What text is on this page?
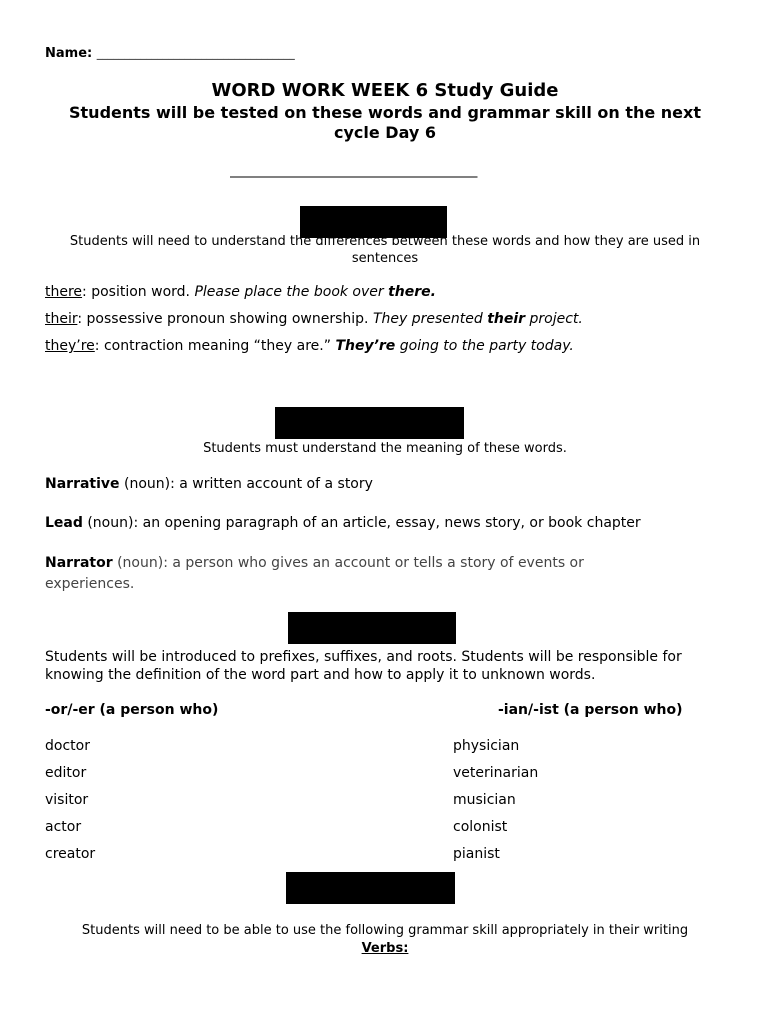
Name: ____________________________________
WORD WORK WEEK 6 Study Guide
Students will be tested on these words and grammar skill on the next cycle Day 6
_____________________________________________
Students will need to understand the differences between these words and how they are used in sentences
there: position word. Please place the book over there.
their: possessive pronoun showing ownership. They presented their project.
they’re: contraction meaning “they are.” They’re going to the party today.
Students must understand the meaning of these words.
Narrative (noun): a written account of a story
Lead (noun): an opening paragraph of an article, essay, news story, or book chapter
Narrator (noun): a person who gives an account or tells a story of events or experiences.
Students will be introduced to prefixes, suffixes, and roots. Students will be responsible for knowing the definition of the word part and how to apply it to unknown words.
-or/-er (a person who)	-ian/-ist (a person who)
doctor
editor
visitor
actor
creator
physician
veterinarian
musician
colonist
pianist
Students will need to be able to use the following grammar skill appropriately in their writing
Verbs:
